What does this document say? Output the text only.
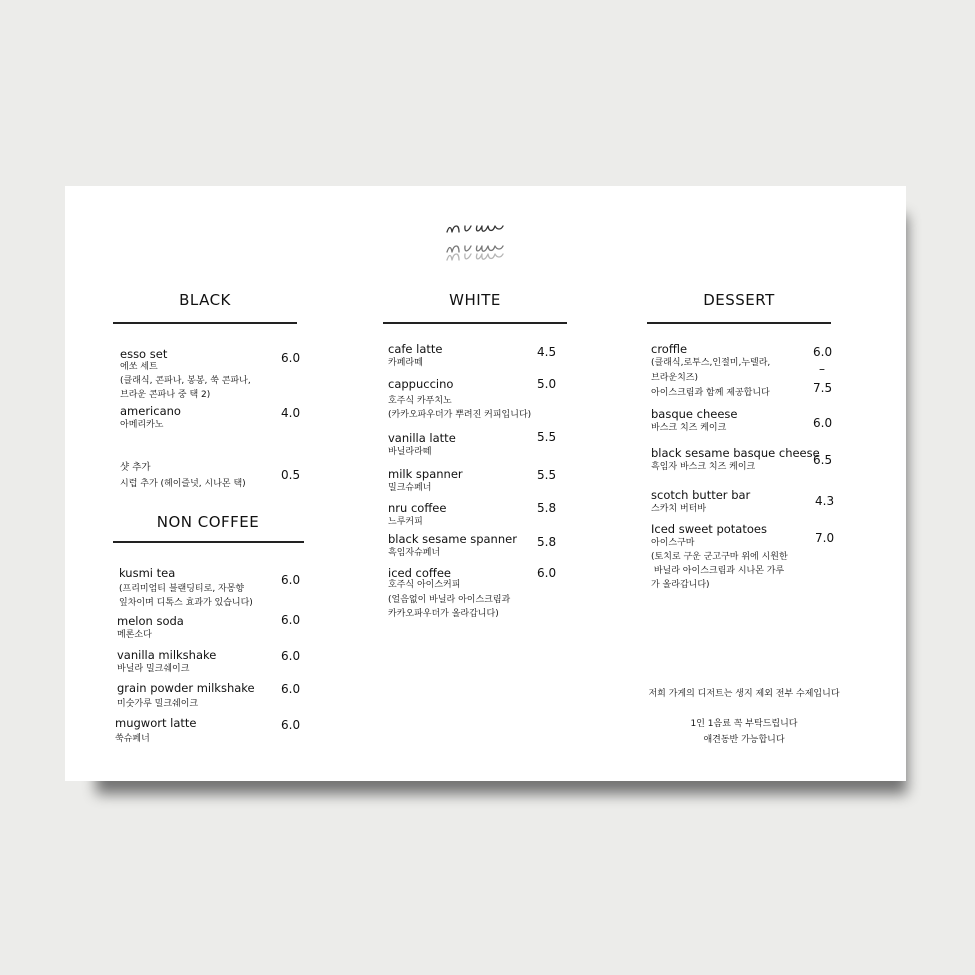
BLACK
esso set
에쏘 세트
(클래식, 콘파나, 봉봉, 쑥 콘파나,
브라운 콘파나 중 택 2)
6.0
americano
아메리카노
4.0
샷 추가
시럽 추가 (헤이즐넛, 시나몬 택)
0.5
NON COFFEE
kusmi tea
(프리미엄티 블랜딩티로, 자몽향
잎차이며 디톡스 효과가 있습니다)
6.0
melon soda
메론소다
6.0
vanilla milkshake
바닐라 밀크쉐이크
6.0
grain powder milkshake
미숫가루 밀크쉐이크
6.0
mugwort latte
쑥슈페너
6.0
WHITE
cafe latte
카페라떼
4.5
cappuccino
호주식 카푸치노
(카카오파우더가 뿌려진 커피입니다)
5.0
vanilla latte
바닐라라떼
5.5
milk spanner
밀크슈페너
5.5
nru coffee
느루커피
5.8
black sesame spanner
흑임자슈페너
5.8
iced coffee
호주식 아이스커피
(얼음없이 바닐라 아이스크림과
카카오파우더가 올라갑니다)
6.0
DESSERT
croffle
(클래식,로투스,인절미,누텔라,
브라운치즈)
아이스크림과 함께 제공합니다
6.0
–
7.5
basque cheese
바스크 치즈 케이크	6.0
black sesame basque cheese
흑임자 바스크 치즈 케이크	6.5
scotch butter bar
스카치 버터바
4.3
Iced sweet potatoes
아이스구마
(토치로 구운 군고구마 위에 시원한
바닐라 아이스크림과 시나몬 가루
가 올라갑니다)
7.0
저희 가게의 디저트는 생지 제외 전부 수제입니다
1인 1음료 꼭 부탁드립니다
애견동반 가능합니다
